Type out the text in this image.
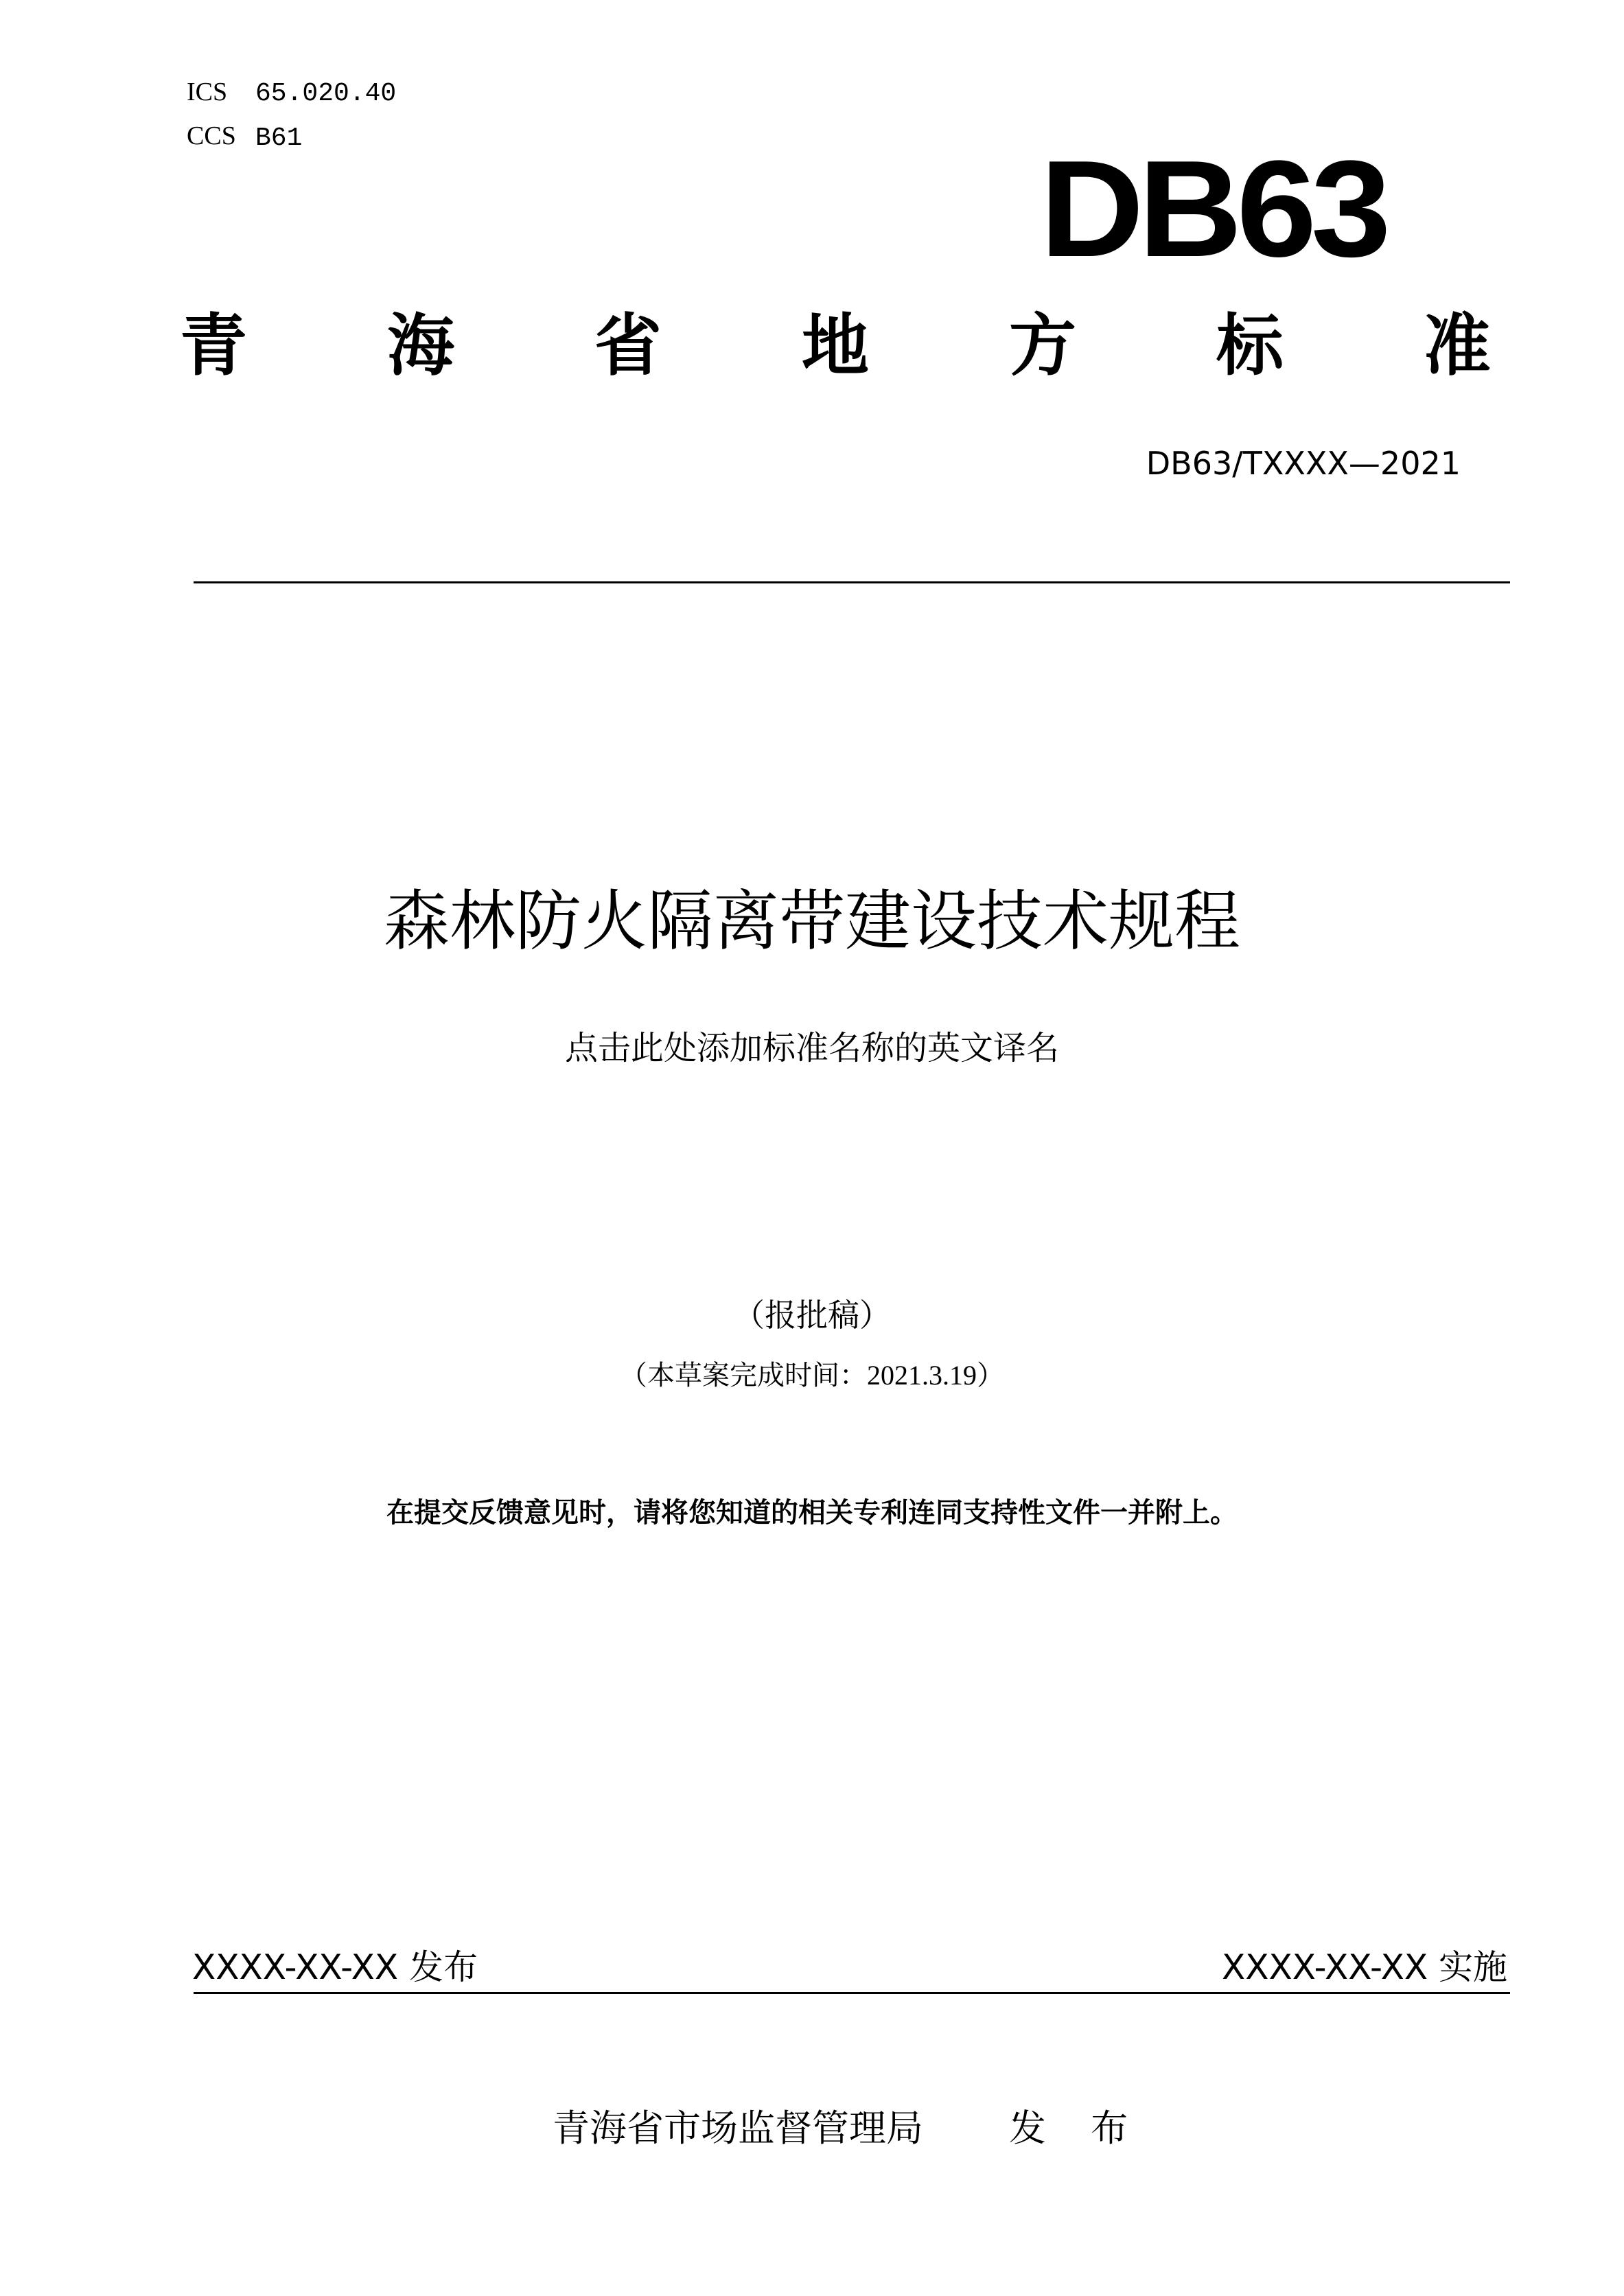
ICS 65.020.40
CCS B61	DB63
青 海 省 地 方 标 准
DB63/TXXXX—2021
森林防火隔离带建设技术规程
点击此处添加标准名称的英文译名
（报批稿）
（本草案完成时间：2021.3.19）
在提交反馈意见时，请将您知道的相关专利连同支持性文件一并附上。
XXXX-XX-XX 发布	XXXX-XX-XX 实施
青海省市场监督管理局 发 布
